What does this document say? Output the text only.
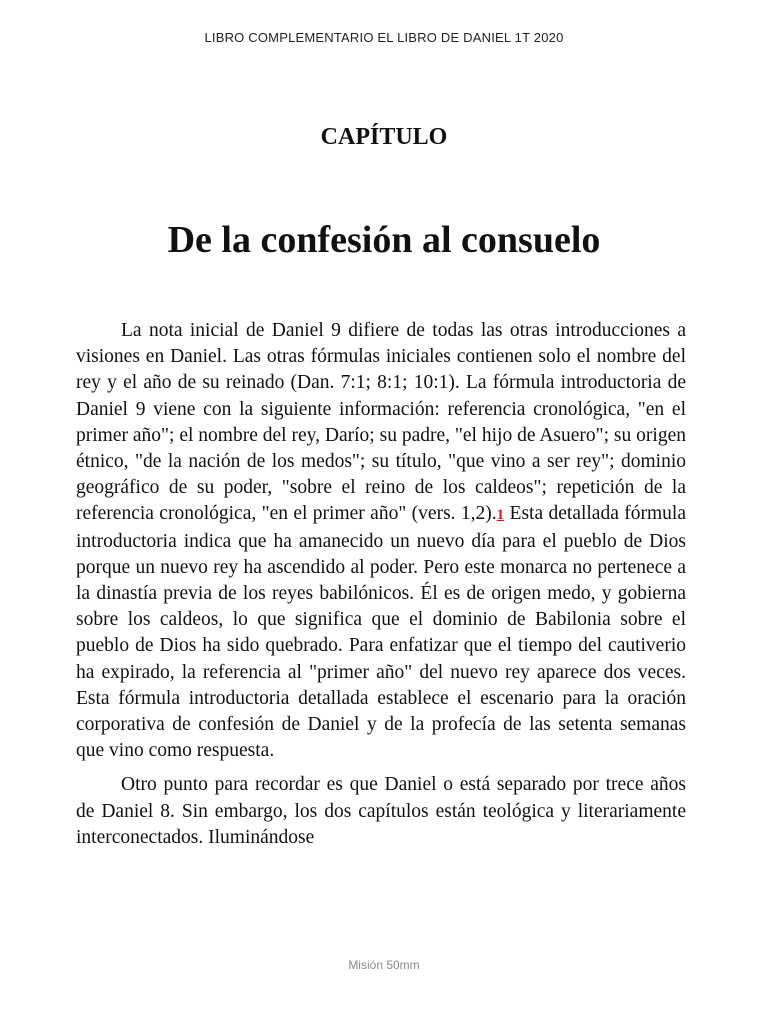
LIBRO COMPLEMENTARIO EL LIBRO DE DANIEL 1T 2020
CAPÍTULO
De la confesión al consuelo

La nota inicial de Daniel 9 difiere de todas las otras introducciones a visiones en Daniel. Las otras fórmulas iniciales contienen solo el nombre del rey y el año de su reinado (Dan. 7:1; 8:1; 10:1). La fórmula introductoria de Daniel 9 viene con la siguiente información: referencia cronológica, "en el primer año"; el nombre del rey, Darío; su padre, "el hijo de Asuero"; su origen étnico, "de la nación de los medos"; su título, "que vino a ser rey"; dominio geográfico de su poder, "sobre el reino de los caldeos"; repetición de la referencia cronológica, "en el primer año" (vers. 1,2).1 Esta detallada fórmula introductoria indica que ha amanecido un nuevo día para el pueblo de Dios porque un nuevo rey ha ascendido al poder. Pero este monarca no pertenece a la dinastía previa de los reyes babilónicos. Él es de origen medo, y gobierna sobre los caldeos, lo que significa que el dominio de Babilonia sobre el pueblo de Dios ha sido quebrado. Para enfatizar que el tiempo del cautiverio ha expirado, la referencia al "primer año" del nuevo rey aparece dos veces. Esta fórmula introductoria detallada establece el escenario para la oración corporativa de confesión de Daniel y de la profecía de las setenta semanas que vino como respuesta.

Otro punto para recordar es que Daniel o está separado por trece años de Daniel 8. Sin embargo, los dos capítulos están teológica y literariamente interconectados. Iluminándose

Misión 50mm
